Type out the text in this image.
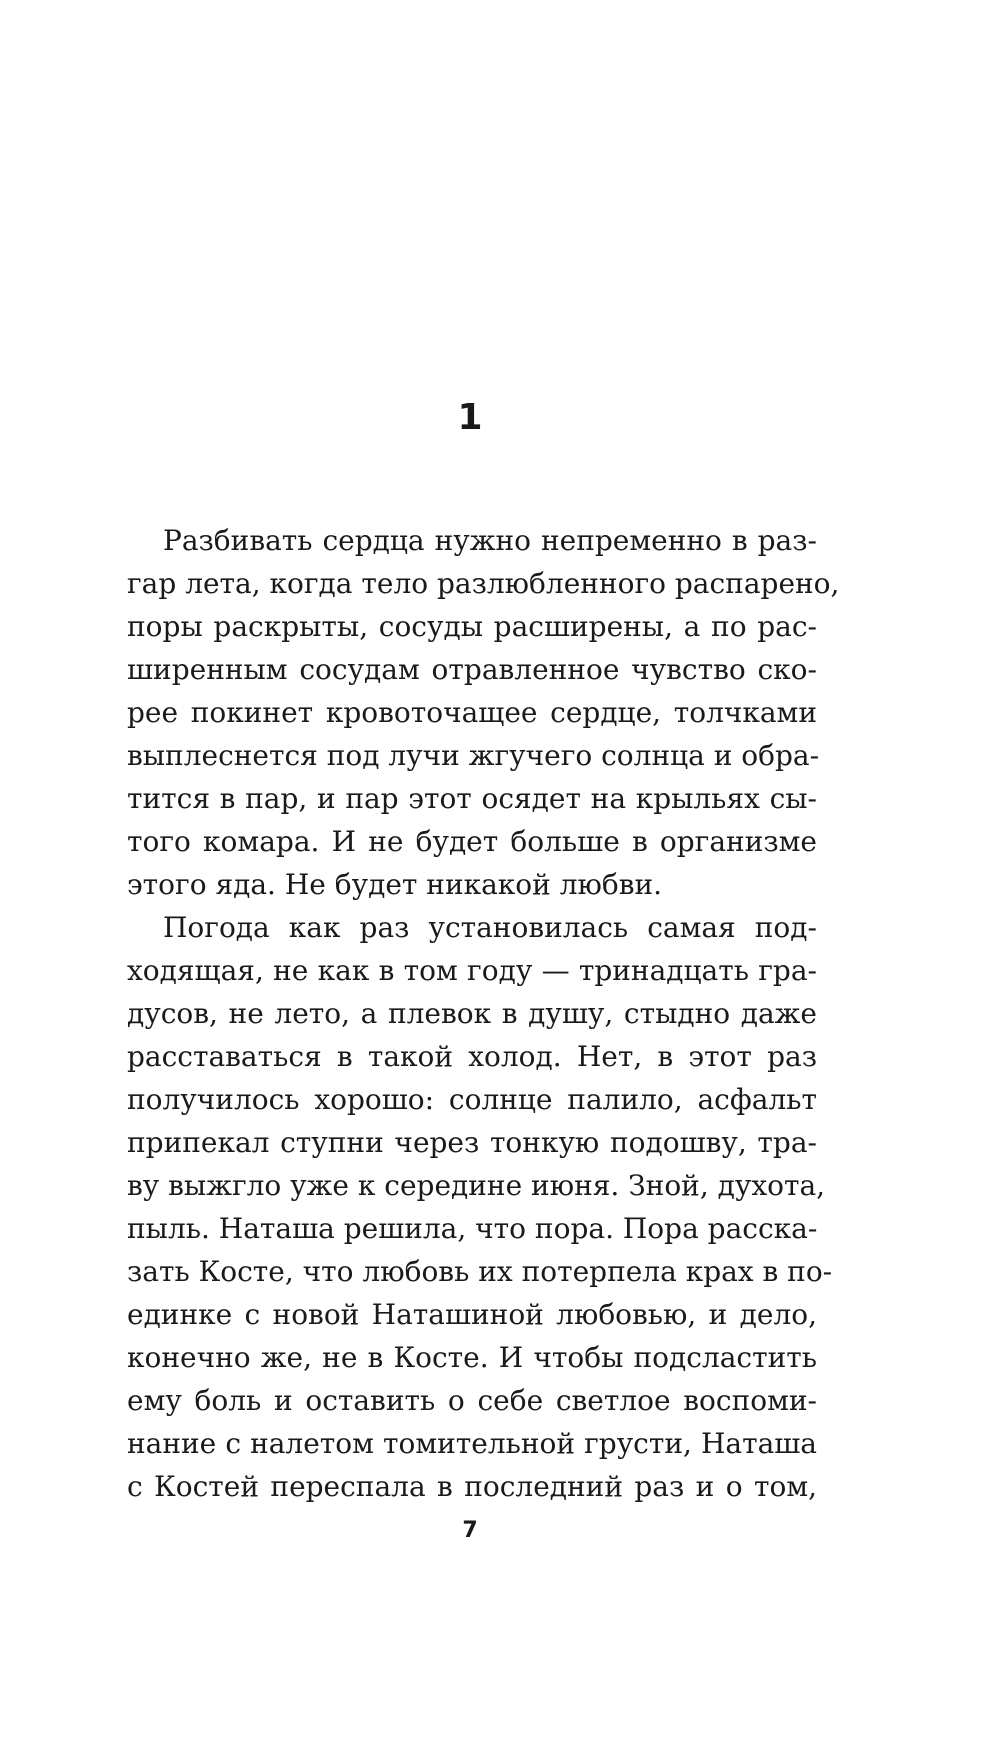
1
Разбивать сердца нужно непременно в раз-
гар лета, когда тело разлюбленного распарено,
поры раскрыты, сосуды расширены, а по рас-
ширенным сосудам отравленное чувство ско-
рее покинет кровоточащее сердце, толчками
выплеснется под лучи жгучего солнца и обра-
тится в пар, и пар этот осядет на крыльях сы-
того комара. И не будет больше в организме
этого яда. Не будет никакой любви.
Погода как раз установилась самая под-
ходящая, не как в том году — тринадцать гра-
дусов, не лето, а плевок в душу, стыдно даже
расставаться в такой холод. Нет, в этот раз
получилось хорошо: солнце палило, асфальт
припекал ступни через тонкую подошву, тра-
ву выжгло уже к середине июня. Зной, духота,
пыль. Наташа решила, что пора. Пора расска-
зать Косте, что любовь их потерпела крах в по-
единке с новой Наташиной любовью, и дело,
конечно же, не в Косте. И чтобы подсластить
ему боль и оставить о себе светлое воспоми-
нание с налетом томительной грусти, Наташа
с Костей переспала в последний раз и о том,
7
